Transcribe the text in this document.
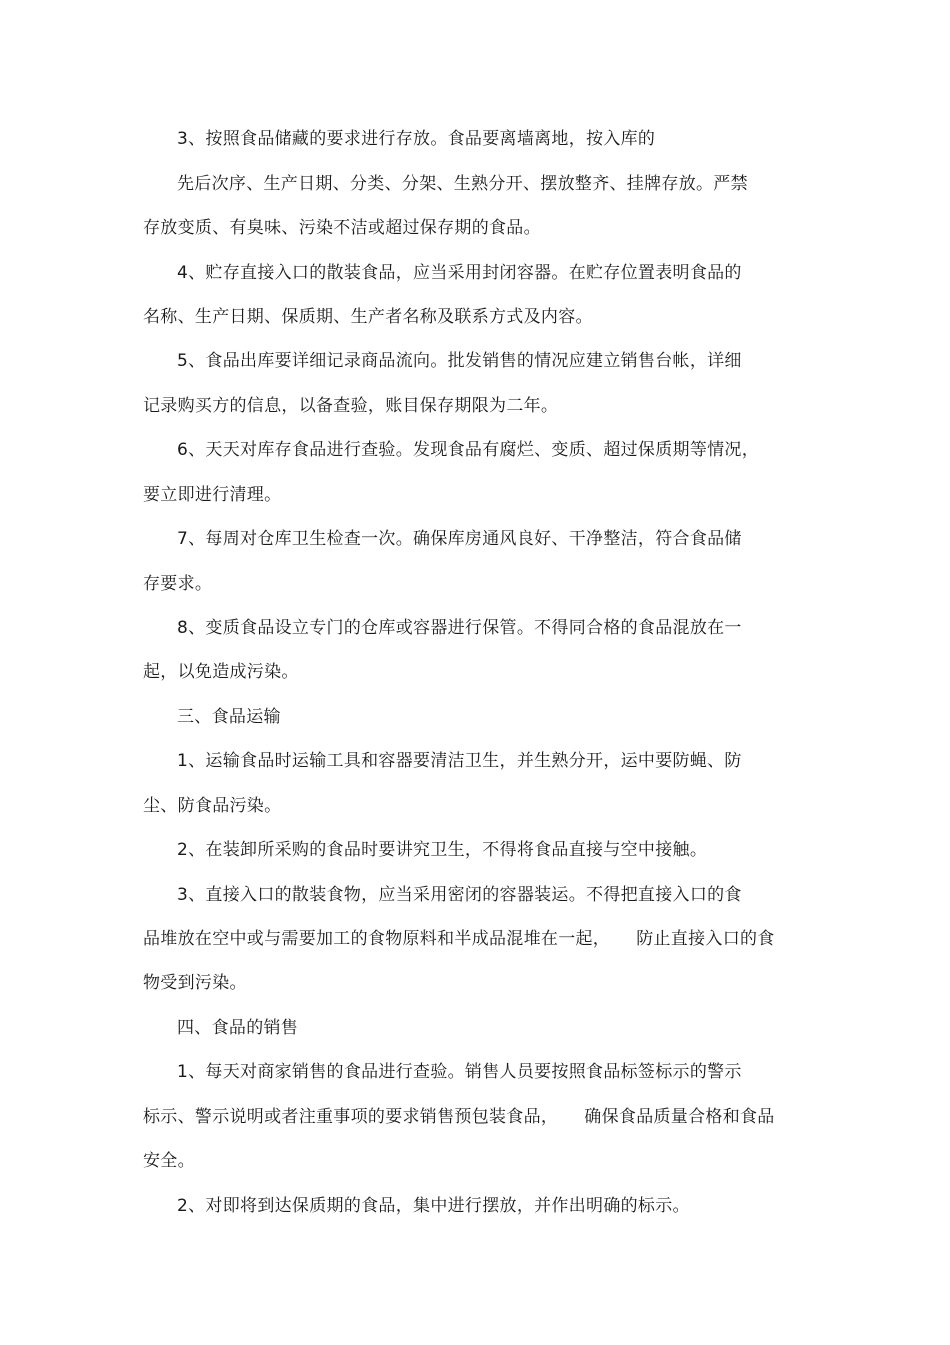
3、按照食品储藏的要求进行存放。食品要离墙离地，按入库的
先后次序、生产日期、分类、分架、生熟分开、摆放整齐、挂牌存放。严禁
存放变质、有臭味、污染不洁或超过保存期的食品。
4、贮存直接入口的散装食品，应当采用封闭容器。在贮存位置表明食品的
名称、生产日期、保质期、生产者名称及联系方式及内容。
5、食品出库要详细记录商品流向。批发销售的情况应建立销售台帐，详细
记录购买方的信息，以备查验，账目保存期限为二年。
6、天天对库存食品进行查验。发现食品有腐烂、变质、超过保质期等情况，
要立即进行清理。
7、每周对仓库卫生检查一次。确保库房通风良好、干净整洁，符合食品储
存要求。
8、变质食品设立专门的仓库或容器进行保管。不得同合格的食品混放在一
起，以免造成污染。
三、食品运输
1、运输食品时运输工具和容器要清洁卫生，并生熟分开，运中要防蝇、防
尘、防食品污染。
2、在装卸所采购的食品时要讲究卫生，不得将食品直接与空中接触。
3、直接入口的散装食物，应当采用密闭的容器装运。不得把直接入口的食
品堆放在空中或与需要加工的食物原料和半成品混堆在一起，　　防止直接入口的食
物受到污染。
四、食品的销售
1、每天对商家销售的食品进行查验。销售人员要按照食品标签标示的警示
标示、警示说明或者注重事项的要求销售预包装食品，　　确保食品质量合格和食品
安全。
2、对即将到达保质期的食品，集中进行摆放，并作出明确的标示。
